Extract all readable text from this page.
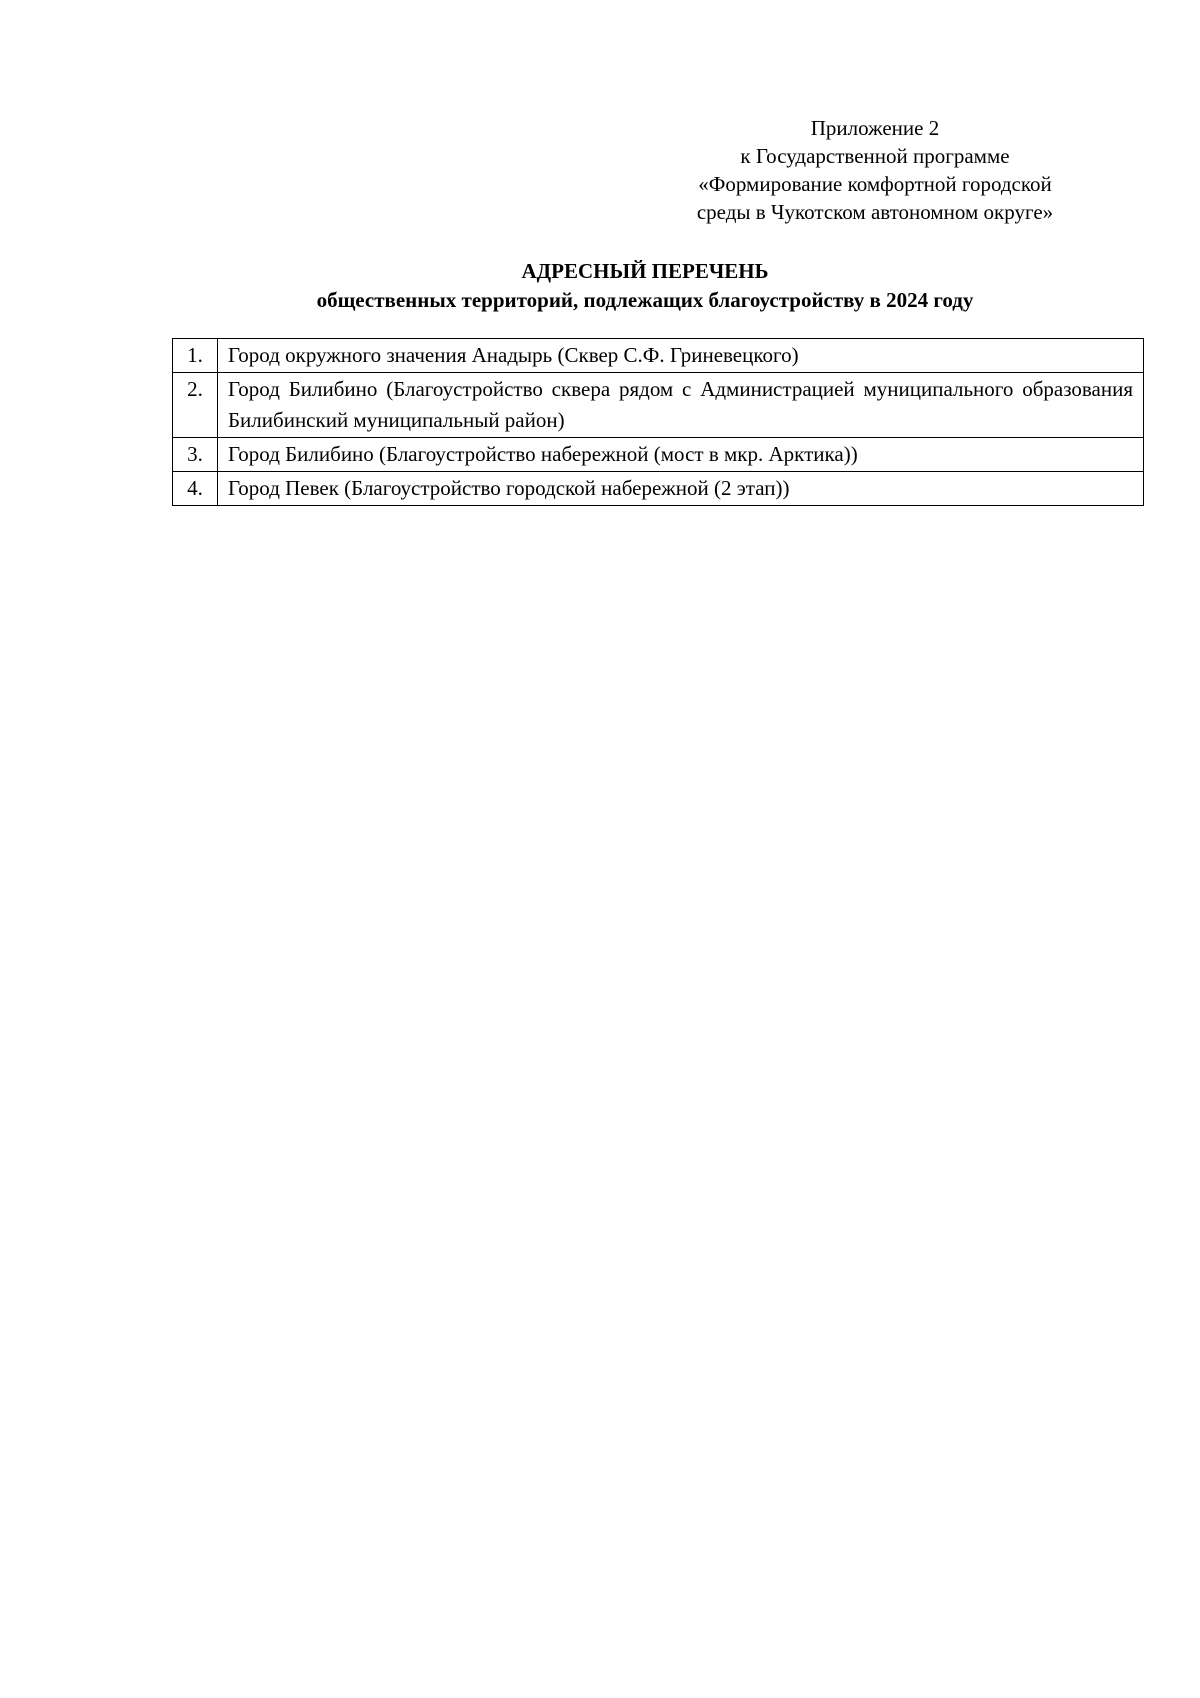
Приложение 2
к Государственной программе
«Формирование комфортной городской
среды в Чукотском автономном округе»
АДРЕСНЫЙ ПЕРЕЧЕНЬ
общественных территорий, подлежащих благоустройству в 2024 году
1.	Город окружного значения Анадырь (Сквер С.Ф. Гриневецкого)
2.	Город Билибино (Благоустройство сквера рядом с Администрацией муниципального образования Билибинский муниципальный район)
3.	Город Билибино (Благоустройство набережной (мост в мкр. Арктика))
4.	Город Певек (Благоустройство городской набережной (2 этап))
